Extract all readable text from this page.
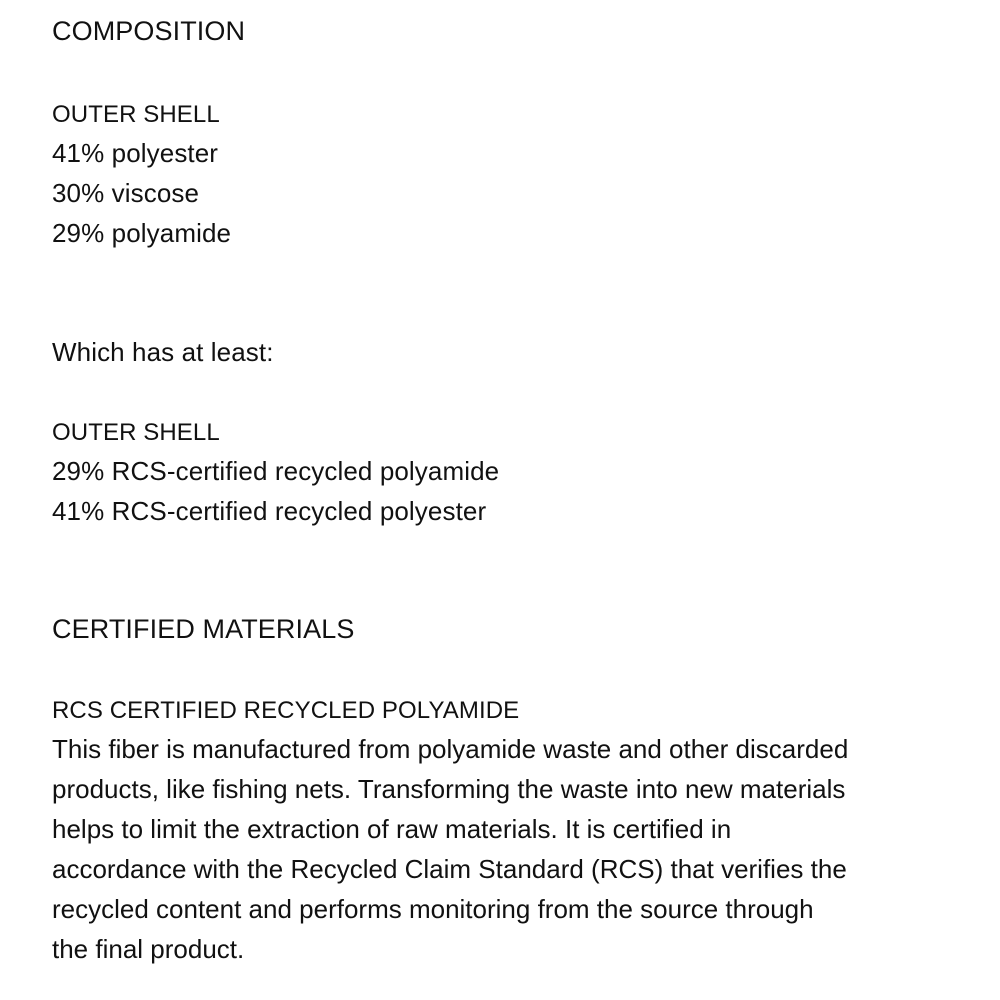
COMPOSITION
OUTER SHELL
41% polyester
30% viscose
29% polyamide
Which has at least:
OUTER SHELL
29% RCS-certified recycled polyamide
41% RCS-certified recycled polyester
CERTIFIED MATERIALS
RCS CERTIFIED RECYCLED POLYAMIDE
This fiber is manufactured from polyamide waste and other discarded
products, like fishing nets. Transforming the waste into new materials
helps to limit the extraction of raw materials. It is certified in
accordance with the Recycled Claim Standard (RCS) that verifies the
recycled content and performs monitoring from the source through
the final product.
